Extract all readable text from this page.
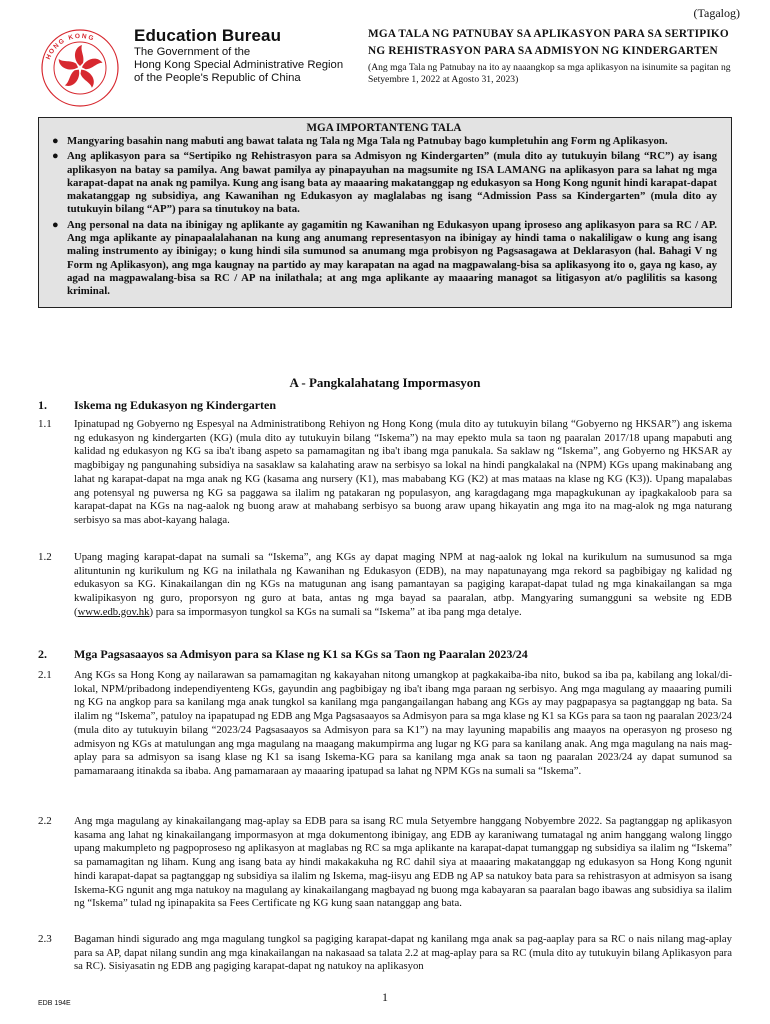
(Tagalog)
HONG KONG Education Bureau
The Government of the
Hong Kong Special Administrative Region
of the People's Republic of China
MGA TALA NG PATNUBAY SA APLIKASYON PARA SA SERTIPIKO NG REHISTRASYON PARA SA ADMISYON NG KINDERGARTEN
(Ang mga Tala ng Patnubay na ito ay naaangkop sa mga aplikasyon na isinumite sa pagitan ng Setyembre 1, 2022 at Agosto 31, 2023)
MGA IMPORTANTENG TALA
● Mangyaring basahin nang mabuti ang bawat talata ng Tala ng Mga Tala ng Patnubay bago kumpletuhin ang Form ng Aplikasyon.
● Ang aplikasyon para sa “Sertipiko ng Rehistrasyon para sa Admisyon ng Kindergarten” (mula dito ay tutukuyin bilang “RC”) ay isang aplikasyon na batay sa pamilya. Ang bawat pamilya ay pinapayuhan na magsumite ng ISA LAMANG na aplikasyon para sa lahat ng mga karapat-dapat na anak ng pamilya. Kung ang isang bata ay maaaring makatanggap ng edukasyon sa Hong Kong ngunit hindi karapat-dapat makatanggap ng subsidiya, ang Kawanihan ng Edukasyon ay maglalabas ng isang “Admission Pass sa Kindergarten” (mula dito ay tutukuyin bilang “AP”) para sa tinutukoy na bata.
● Ang personal na data na ibinigay ng aplikante ay gagamitin ng Kawanihan ng Edukasyon upang iproseso ang aplikasyon para sa RC / AP. Ang mga aplikante ay pinapaalalahanan na kung ang anumang representasyon na ibinigay ay hindi tama o nakaliligaw o kung ang isang maling instrumento ay ibinigay; o kung hindi sila sumunod sa anumang mga probisyon ng Pagsasagawa at Deklarasyon (hal. Bahagi V ng Form ng Aplikasyon), ang mga kaugnay na partido ay may karapatan na agad na magpawalang-bisa sa aplikasyong ito o, gaya ng kaso, ay agad na magpawalang-bisa sa RC / AP na inilathala; at ang mga aplikante ay maaaring managot sa litigasyon at/o paglilitis sa kasong kriminal.
A - Pangkalahatang Impormasyon
1. Iskema ng Edukasyon ng Kindergarten
1.1 Ipinatupad ng Gobyerno ng Espesyal na Administratibong Rehiyon ng Hong Kong (mula dito ay tutukuyin bilang “Gobyerno ng HKSAR”) ang iskema ng edukasyon ng kindergarten (KG) (mula dito ay tutukuyin bilang “Iskema”) na may epekto mula sa taon ng paaralan 2017/18 upang mapabuti ang kalidad ng edukasyon ng KG sa iba't ibang aspeto sa pamamagitan ng iba't ibang mga panukala. Sa saklaw ng “Iskema”, ang Gobyerno ng HKSAR ay magbibigay ng pangunahing subsidiya na sasaklaw sa kalahating araw na serbisyo sa lokal na hindi pangkalakal na (NPM) KGs upang makinabang ang lahat ng karapat-dapat na mga anak ng KG (kasama ang nursery (K1), mas mababang KG (K2) at mas mataas na klase ng KG (K3)). Upang mapalabas ang potensyal ng puwersa ng KG sa paggawa sa ilalim ng patakaran ng populasyon, ang karagdagang mga mapagkukunan ay ipagkakaloob para sa karapat-dapat na KGs na nag-aalok ng buong araw at mahabang serbisyo sa buong araw upang hikayatin ang mga ito na mag-alok ng mga naturang serbisyo sa mas abot-kayang halaga.
1.2 Upang maging karapat-dapat na sumali sa “Iskema”, ang KGs ay dapat maging NPM at nag-aalok ng lokal na kurikulum na sumusunod sa mga alituntunin ng kurikulum ng KG na inilathala ng Kawanihan ng Edukasyon (EDB), na may napatunayang mga rekord sa pagbibigay ng kalidad ng edukasyon sa KG. Kinakailangan din ng KGs na matugunan ang isang pamantayan sa pagiging karapat-dapat tulad ng mga kinakailangan sa mga kwalipikasyon ng guro, proporsyon ng guro at bata, antas ng mga bayad sa paaralan, atbp. Mangyaring sumangguni sa website ng EDB (www.edb.gov.hk) para sa impormasyon tungkol sa KGs na sumali sa “Iskema” at iba pang mga detalye.
2. Mga Pagsasaayos sa Admisyon para sa Klase ng K1 sa KGs sa Taon ng Paaralan 2023/24
2.1 Ang KGs sa Hong Kong ay nailarawan sa pamamagitan ng kakayahan nitong umangkop at pagkakaiba-iba nito, bukod sa iba pa, kabilang ang lokal/di-lokal, NPM/pribadong independiyenteng KGs, gayundin ang pagbibigay ng iba't ibang mga paraan ng serbisyo. Ang mga magulang ay maaaring pumili ng KG na angkop para sa kanilang mga anak tungkol sa kanilang mga pangangailangan habang ang KGs ay may pagpapasya sa pagtanggap ng bata. Sa ilalim ng “Iskema”, patuloy na ipapatupad ng EDB ang Mga Pagsasaayos sa Admisyon para sa mga klase ng K1 sa KGs para sa taon ng paaralan 2023/24 (mula dito ay tutukuyin bilang “2023/24 Pagsasaayos sa Admisyon para sa K1”) na may layuning mapabilis ang maayos na operasyon ng proseso ng admisyon ng KGs at matulungan ang mga magulang na maagang makumpirma ang lugar ng KG para sa kanilang anak. Ang mga magulang na nais mag-aplay para sa admisyon sa isang klase ng K1 sa isang Iskema-KG para sa kanilang mga anak sa taon ng paaralan 2023/24 ay dapat sumunod sa pamamaraang itinakda sa ibaba. Ang pamamaraan ay maaaring ipatupad sa lahat ng NPM KGs na sumali sa “Iskema”.
2.2 Ang mga magulang ay kinakailangang mag-aplay sa EDB para sa isang RC mula Setyembre hanggang Nobyembre 2022. Sa pagtanggap ng aplikasyon kasama ang lahat ng kinakailangang impormasyon at mga dokumentong ibinigay, ang EDB ay karaniwang tumatagal ng anim hanggang walong linggo upang makumpleto ng pagpoproseso ng aplikasyon at maglabas ng RC sa mga aplikante na karapat-dapat tumanggap ng subsidiya sa ilalim ng “Iskema” sa pamamagitan ng liham. Kung ang isang bata ay hindi makakakuha ng RC dahil siya at maaaring makatanggap ng edukasyon sa Hong Kong ngunit hindi karapat-dapat sa pagtanggap ng subsidiya sa ilalim ng Iskema, mag-iisyu ang EDB ng AP sa natukoy bata para sa rehistrasyon at admisyon sa isang Iskema-KG ngunit ang mga natukoy na magulang ay kinakailangang magbayad ng buong mga kabayaran sa paaralan bago ibawas ang subsidiya sa ilalim ng “Iskema” tulad ng ipinapakita sa Fees Certificate ng KG kung saan natanggap ang bata.
2.3 Bagaman hindi sigurado ang mga magulang tungkol sa pagiging karapat-dapat ng kanilang mga anak sa pag-aaplay para sa RC o nais nilang mag-aplay para sa AP, dapat nilang sundin ang mga kinakailangan na nakasaad sa talata 2.2 at mag-aplay para sa RC (mula dito ay tutukuyin bilang Aplikasyon para sa RC). Sisiyasatin ng EDB ang pagiging karapat-dapat ng natukoy na aplikasyon
EDB 194E	1
